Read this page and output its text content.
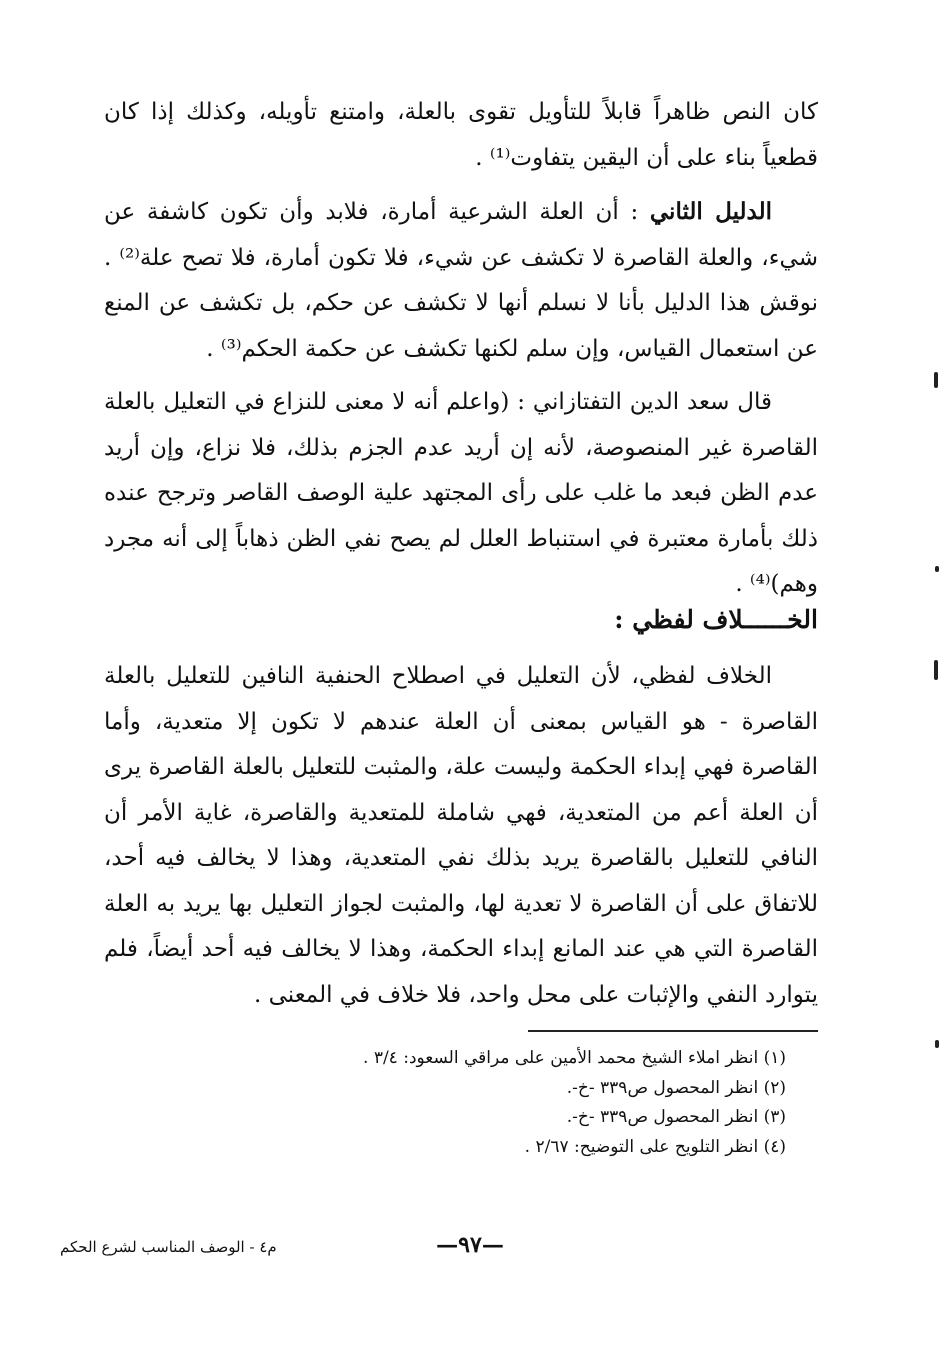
كان النص ظاهراً قابلاً للتأويل تقوى بالعلة، وامتنع تأويله، وكذلك إذا كان قطعياً بناء على أن اليقين يتفاوت⁽¹⁾ .

الدليل الثاني : أن العلة الشرعية أمارة، فلابد وأن تكون كاشفة عن شيء، والعلة القاصرة لا تكشف عن شيء، فلا تكون أمارة، فلا تصح علة⁽²⁾ . نوقش هذا الدليل بأنا لا نسلم أنها لا تكشف عن حكم، بل تكشف عن المنع عن استعمال القياس، وإن سلم لكنها تكشف عن حكمة الحكم⁽³⁾ .

قال سعد الدين التفتازاني : (واعلم أنه لا معنى للنزاع في التعليل بالعلة القاصرة غير المنصوصة، لأنه إن أريد عدم الجزم بذلك، فلا نزاع، وإن أريد عدم الظن فبعد ما غلب على رأى المجتهد علية الوصف القاصر وترجح عنده ذلك بأمارة معتبرة في استنباط العلل لم يصح نفي الظن ذهاباً إلى أنه مجرد وهم)⁽⁴⁾ .

الخــــــلاف لفظي :

الخلاف لفظي، لأن التعليل في اصطلاح الحنفية النافين للتعليل بالعلة القاصرة - هو القياس بمعنى أن العلة عندهم لا تكون إلا متعدية، وأما القاصرة فهي إبداء الحكمة وليست علة، والمثبت للتعليل بالعلة القاصرة يرى أن العلة أعم من المتعدية، فهي شاملة للمتعدية والقاصرة، غاية الأمر أن النافي للتعليل بالقاصرة يريد بذلك نفي المتعدية، وهذا لا يخالف فيه أحد، للاتفاق على أن القاصرة لا تعدية لها، والمثبت لجواز التعليل بها يريد به العلة القاصرة التي هي عند المانع إبداء الحكمة، وهذا لا يخالف فيه أحد أيضاً، فلم يتوارد النفي والإثبات على محل واحد، فلا خلاف في المعنى .

(١) انظر املاء الشيخ محمد الأمين على مراقي السعود: ٣/٤ .
(٢) انظر المحصول ص٣٣٩ -خ-.
(٣) انظر المحصول ص٣٣٩ -خ-.
(٤) انظر التلويح على التوضيح: ٢/٦٧ .
—٩٧—
م٤ - الوصف المناسب لشرع الحكم
